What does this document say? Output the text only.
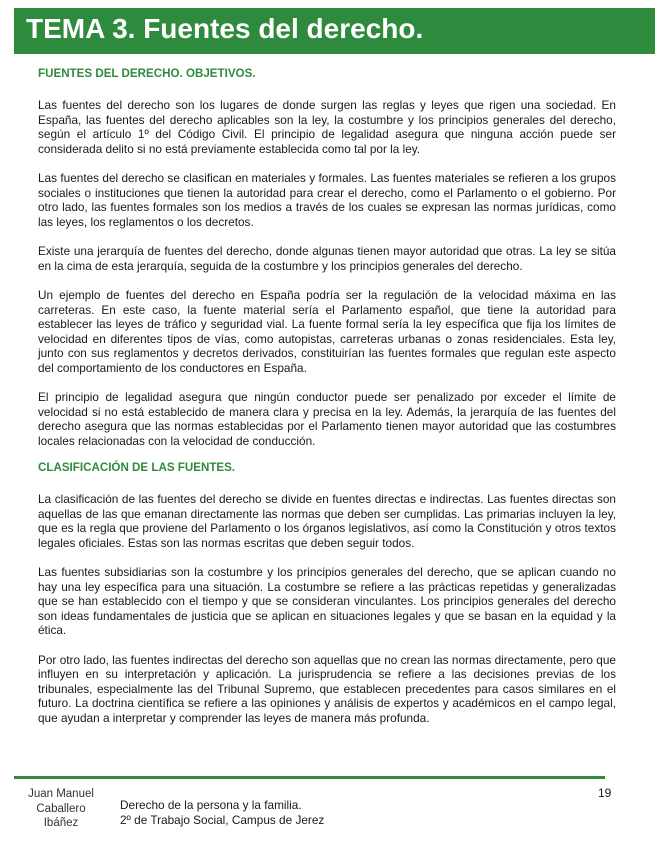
TEMA 3. Fuentes del derecho.
FUENTES DEL DERECHO. OBJETIVOS.

Las fuentes del derecho son los lugares de donde surgen las reglas y leyes que rigen una sociedad. En España, las fuentes del derecho aplicables son la ley, la costumbre y los principios generales del derecho, según el artículo 1º del Código Civil. El principio de legalidad asegura que ninguna acción puede ser considerada delito si no está previamente establecida como tal por la ley.

Las fuentes del derecho se clasifican en materiales y formales. Las fuentes materiales se refieren a los grupos sociales o instituciones que tienen la autoridad para crear el derecho, como el Parlamento o el gobierno. Por otro lado, las fuentes formales son los medios a través de los cuales se expresan las normas jurídicas, como las leyes, los reglamentos o los decretos.

Existe una jerarquía de fuentes del derecho, donde algunas tienen mayor autoridad que otras. La ley se sitúa en la cima de esta jerarquía, seguida de la costumbre y los principios generales del derecho.

Un ejemplo de fuentes del derecho en España podría ser la regulación de la velocidad máxima en las carreteras. En este caso, la fuente material sería el Parlamento español, que tiene la autoridad para establecer las leyes de tráfico y seguridad vial. La fuente formal sería la ley específica que fija los límites de velocidad en diferentes tipos de vías, como autopistas, carreteras urbanas o zonas residenciales. Esta ley, junto con sus reglamentos y decretos derivados, constituirían las fuentes formales que regulan este aspecto del comportamiento de los conductores en España.

El principio de legalidad asegura que ningún conductor puede ser penalizado por exceder el límite de velocidad si no está establecido de manera clara y precisa en la ley. Además, la jerarquía de las fuentes del derecho asegura que las normas establecidas por el Parlamento tienen mayor autoridad que las costumbres locales relacionadas con la velocidad de conducción.

CLASIFICACIÓN DE LAS FUENTES.

La clasificación de las fuentes del derecho se divide en fuentes directas e indirectas. Las fuentes directas son aquellas de las que emanan directamente las normas que deben ser cumplidas. Las primarias incluyen la ley, que es la regla que proviene del Parlamento o los órganos legislativos, así como la Constitución y otros textos legales oficiales. Estas son las normas escritas que deben seguir todos.

Las fuentes subsidiarias son la costumbre y los principios generales del derecho, que se aplican cuando no hay una ley específica para una situación. La costumbre se refiere a las prácticas repetidas y generalizadas que se han establecido con el tiempo y que se consideran vinculantes. Los principios generales del derecho son ideas fundamentales de justicia que se aplican en situaciones legales y que se basan en la equidad y la ética.

Por otro lado, las fuentes indirectas del derecho son aquellas que no crean las normas directamente, pero que influyen en su interpretación y aplicación. La jurisprudencia se refiere a las decisiones previas de los tribunales, especialmente las del Tribunal Supremo, que establecen precedentes para casos similares en el futuro. La doctrina científica se refiere a las opiniones y análisis de expertos y académicos en el campo legal, que ayudan a interpretar y comprender las leyes de manera más profunda.

19
Juan Manuel
Caballero
Ibáñez
Derecho de la persona y la familia.
2º de Trabajo Social, Campus de Jerez
